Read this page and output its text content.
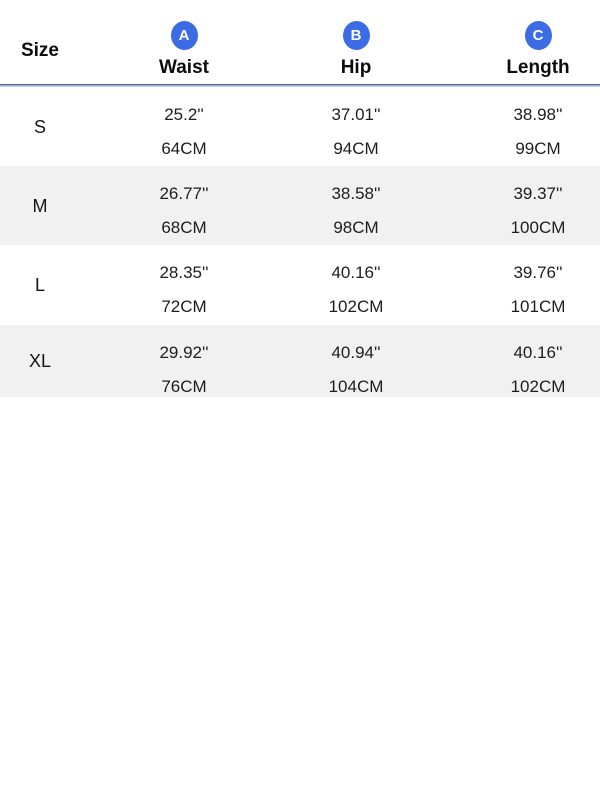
Size
A
Waist
B
Hip
C
Length
S
25.2''
64CM
37.01''
94CM
38.98''
99CM
M
26.77''
68CM
38.58''
98CM
39.37''
100CM
L
28.35''
72CM
40.16''
102CM
39.76''
101CM
XL	29.92''
76CM
40.94''
104CM
40.16''
102CM
